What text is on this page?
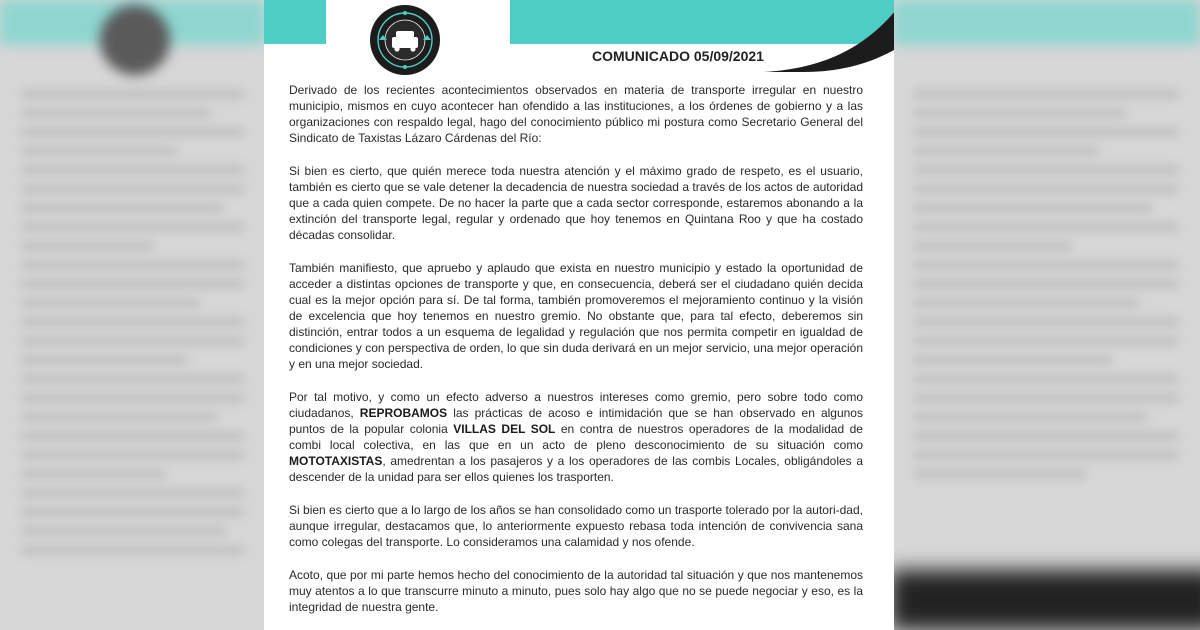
COMUNICADO 05/09/2021

Derivado de los recientes acontecimientos observados en materia de transporte irregular en nuestro municipio, mismos en cuyo acontecer han ofendido a las instituciones, a los órdenes de gobierno y a las organizaciones con respaldo legal, hago del conocimiento público mi postura como Secretario General del Sindicato de Taxistas Lázaro Cárdenas del Río:

Si bien es cierto, que quién merece toda nuestra atención y el máximo grado de respeto, es el usuario, también es cierto que se vale detener la decadencia de nuestra sociedad a través de los actos de autoridad que a cada quien compete. De no hacer la parte que a cada sector corresponde, estaremos abonando a la extinción del transporte legal, regular y ordenado que hoy tenemos en Quintana Roo y que ha costado décadas consolidar.

También manifiesto, que apruebo y aplaudo que exista en nuestro municipio y estado la oportunidad de acceder a distintas opciones de transporte y que, en consecuencia, deberá ser el ciudadano quién decida cual es la mejor opción para sí. De tal forma, también promoveremos el mejoramiento continuo y la visión de excelencia que hoy tenemos en nuestro gremio. No obstante que, para tal efecto, deberemos sin distinción, entrar todos a un esquema de legalidad y regulación que nos permita competir en igualdad de condiciones y con perspectiva de orden, lo que sin duda derivará en un mejor servicio, una mejor operación y en una mejor sociedad.

Por tal motivo, y como un efecto adverso a nuestros intereses como gremio, pero sobre todo como ciudadanos, REPROBAMOS las prácticas de acoso e intimidación que se han observado en algunos puntos de la popular colonia VILLAS DEL SOL en contra de nuestros operadores de la modalidad de combi local colectiva, en las que en un acto de pleno desconocimiento de su situación como MOTOTAXISTAS, amedrentan a los pasajeros y a los operadores de las combis Locales, obligándoles a descender de la unidad para ser ellos quienes los trasporten.

Si bien es cierto que a lo largo de los años se han consolidado como un trasporte tolerado por la autori-dad, aunque irregular, destacamos que, lo anteriormente expuesto rebasa toda intención de convivencia sana como colegas del transporte. Lo consideramos una calamidad y nos ofende.

Acoto, que por mi parte hemos hecho del conocimiento de la autoridad tal situación y que nos mantenemos muy atentos a lo que transcurre minuto a minuto, pues solo hay algo que no se puede negociar y eso, es la integridad de nuestra gente.
